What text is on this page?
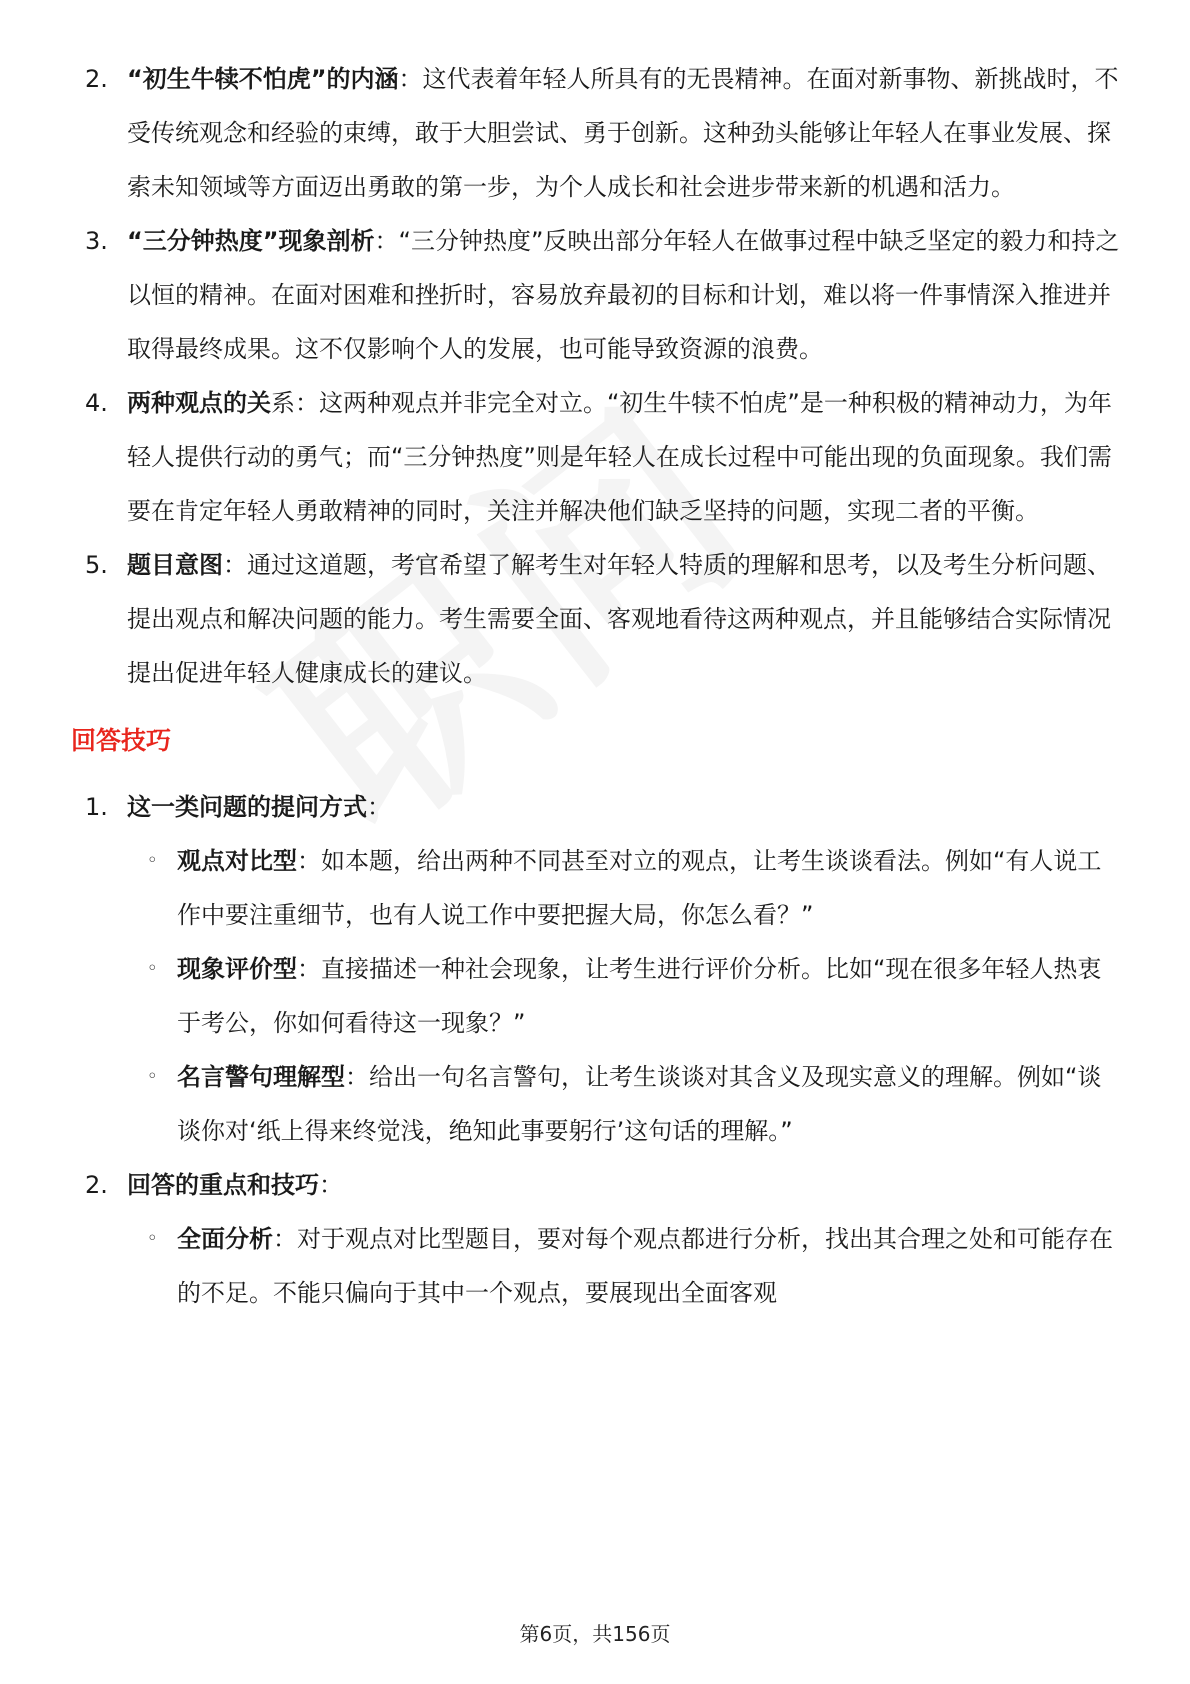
2. “初生牛犊不怕虎”的内涵：这代表着年轻人所具有的无畏精神。在面对新事物、新挑战时，不受传统观念和经验的束缚，敢于大胆尝试、勇于创新。这种劲头能够让年轻人在事业发展、探索未知领域等方面迈出勇敢的第一步，为个人成长和社会进步带来新的机遇和活力。
3. “三分钟热度”现象剖析：“三分钟热度”反映出部分年轻人在做事过程中缺乏坚定的毅力和持之以恒的精神。在面对困难和挫折时，容易放弃最初的目标和计划，难以将一件事情深入推进并取得最终成果。这不仅影响个人的发展，也可能导致资源的浪费。
4. 两种观点的关系：这两种观点并非完全对立。“初生牛犊不怕虎”是一种积极的精神动力，为年轻人提供行动的勇气；而“三分钟热度”则是年轻人在成长过程中可能出现的负面现象。我们需要在肯定年轻人勇敢精神的同时，关注并解决他们缺乏坚持的问题，实现二者的平衡。
5. 题目意图：通过这道题，考官希望了解考生对年轻人特质的理解和思考，以及考生分析问题、提出观点和解决问题的能力。考生需要全面、客观地看待这两种观点，并且能够结合实际情况提出促进年轻人健康成长的建议。
回答技巧
1. 这一类问题的提问方式：
◦ 观点对比型：如本题，给出两种不同甚至对立的观点，让考生谈谈看法。例如“有人说工作中要注重细节，也有人说工作中要把握大局，你怎么看？”
◦ 现象评价型：直接描述一种社会现象，让考生进行评价分析。比如“现在很多年轻人热衷于考公，你如何看待这一现象？”
◦ 名言警句理解型：给出一句名言警句，让考生谈谈对其含义及现实意义的理解。例如“谈谈你对‘纸上得来终觉浅，绝知此事要躬行’这句话的理解。”
2. 回答的重点和技巧：
◦ 全面分析：对于观点对比型题目，要对每个观点都进行分析，找出其合理之处和可能存在的不足。不能只偏向于其中一个观点，要展现出全面客观
第6页，共156页
